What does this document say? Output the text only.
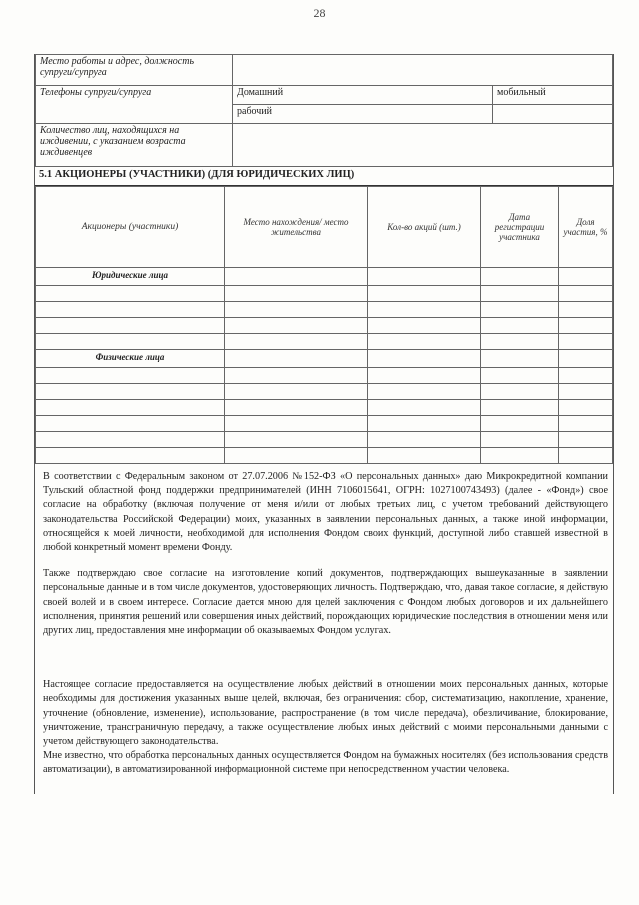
28
Место работы и адрес, должность супруги/супруга		
Телефоны супруги/супруга	Домашний	мобильный
	рабочий	
Количество лиц, находящихся на иждивении, с указанием возраста иждивенцев		
5.1 АКЦИОНЕРЫ (УЧАСТНИКИ) (ДЛЯ ЮРИДИЧЕСКИХ ЛИЦ)
Акционеры (участники)	Место нахождения/ место жительства	Кол-во акций (шт.)	Дата регистрации участника	Доля участия, %
Юридические лица				

Физические лица				

В соответствии с Федеральным законом от 27.07.2006 №152-ФЗ «О персональных данных» даю Микрокредитной компании Тульский областной фонд поддержки предпринимателей (ИНН 7106015641, ОГРН: 1027100743493) (далее - «Фонд») свое согласие на обработку (включая получение от меня и/или от любых третьих лиц, с учетом требований действующего законодательства Российской Федерации) моих, указанных в заявлении персональных данных, а также иной информации, относящейся к моей личности, необходимой для исполнения Фондом своих функций, доступной либо ставшей известной в любой конкретный момент времени Фонду.

Также подтверждаю свое согласие на изготовление копий документов, подтверждающих вышеуказанные в заявлении персональные данные и в том числе документов, удостоверяющих личность. Подтверждаю, что, давая такое согласие, я действую своей волей и в своем интересе. Согласие дается мною для целей заключения с Фондом любых договоров и их дальнейшего исполнения, принятия решений или совершения иных действий, порождающих юридические последствия в отношении меня или других лиц, предоставления мне информации об оказываемых Фондом услугах.

Настоящее согласие предоставляется на осуществление любых действий в отношении моих персональных данных, которые необходимы для достижения указанных выше целей, включая, без ограничения: сбор, систематизацию, накопление, хранение, уточнение (обновление, изменение), использование, распространение (в том числе передача), обезличивание, блокирование, уничтожение, трансграничную передачу, а также осуществление любых иных действий с моими персональными данными с учетом действующего законодательства.

Мне известно, что обработка персональных данных осуществляется Фондом на бумажных носителях (без использования средств автоматизации), в автоматизированной информационной системе при непосредственном участии человека.
